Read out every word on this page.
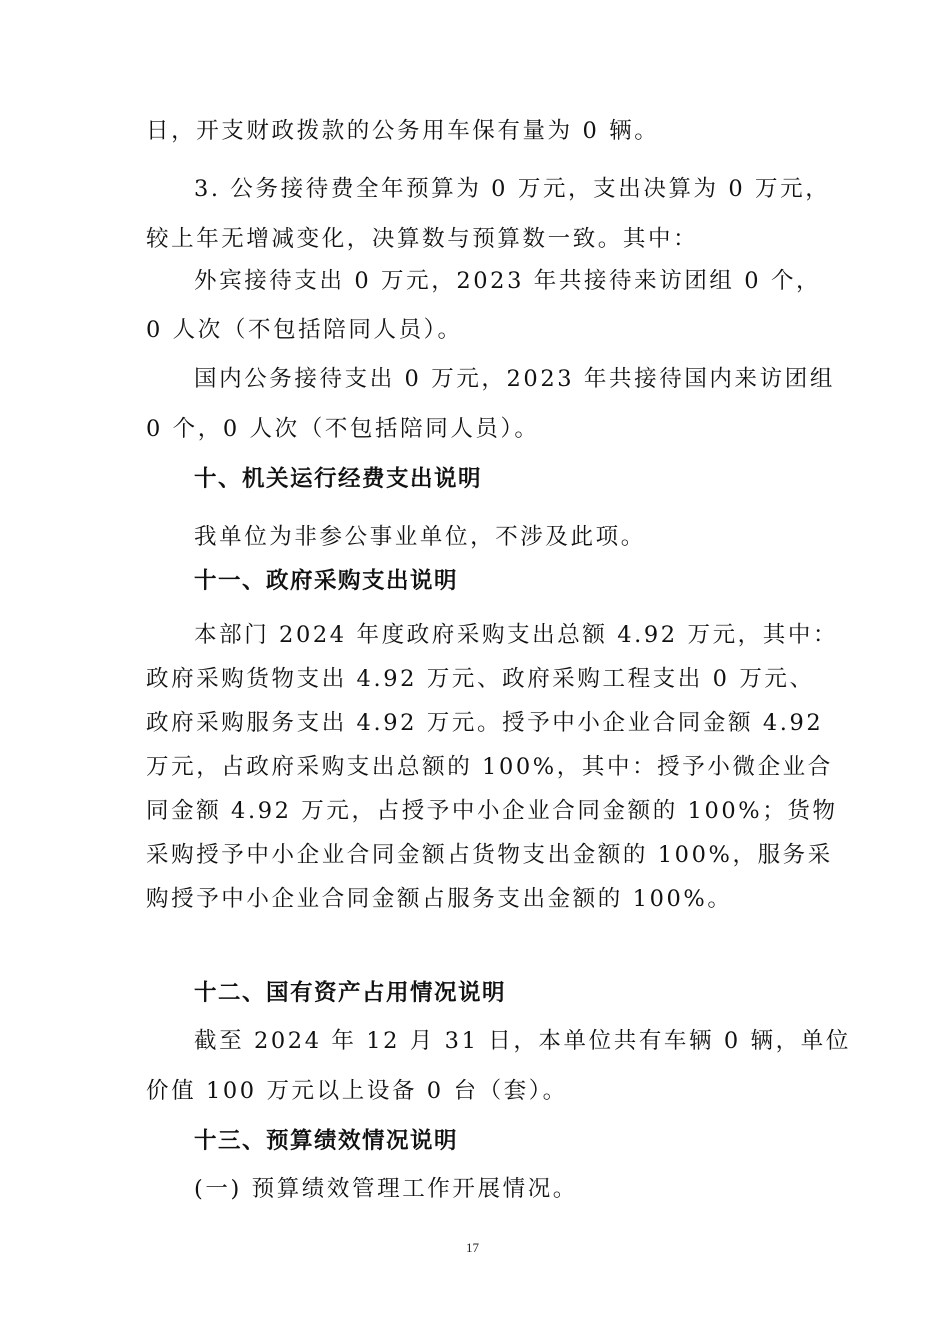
日，开支财政拨款的公务用车保有量为 0 辆。
3. 公务接待费全年预算为 0 万元，支出决算为 0 万元，
较上年无增减变化，决算数与预算数一致。其中：
外宾接待支出 0 万元，2023 年共接待来访团组 0 个，
0 人次（不包括陪同人员）。
国内公务接待支出 0 万元，2023 年共接待国内来访团组
0 个，0 人次（不包括陪同人员）。
十、机关运行经费支出说明
我单位为非参公事业单位，不涉及此项。
十一、政府采购支出说明
本部门 2024 年度政府采购支出总额 4.92 万元，其中：
政府采购货物支出 4.92 万元、政府采购工程支出 0 万元、
政府采购服务支出 4.92 万元。授予中小企业合同金额 4.92
万元，占政府采购支出总额的 100%，其中：授予小微企业合
同金额 4.92 万元，占授予中小企业合同金额的 100%；货物
采购授予中小企业合同金额占货物支出金额的 100%，服务采
购授予中小企业合同金额占服务支出金额的 100%。
十二、国有资产占用情况说明
截至 2024 年 12 月 31 日，本单位共有车辆 0 辆，单位
价值 100 万元以上设备 0 台（套）。
十三、预算绩效情况说明
(一) 预算绩效管理工作开展情况。
17
